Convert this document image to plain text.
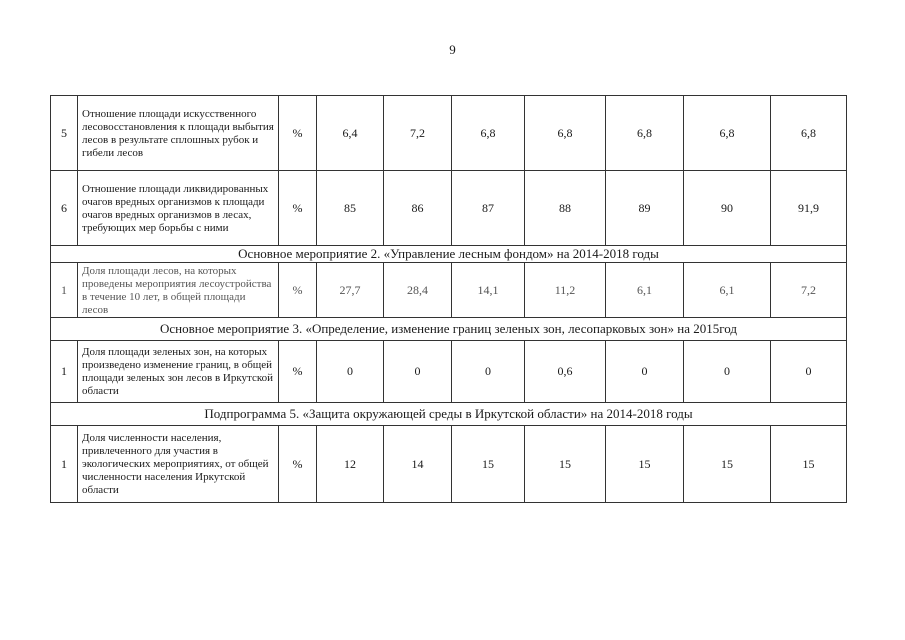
9
5	Отношение площади искусственного лесовосстановления к площади выбытия лесов в результате сплошных рубок и гибели лесов	%	6,4	7,2	6,8	6,8	6,8	6,8	6,8
6	Отношение площади ликвидированных очагов вредных организмов к площади очагов вредных организмов в лесах, требующих мер борьбы с ними	%	85	86	87	88	89	90	91,9
Основное мероприятие 2. «Управление лесным фондом» на 2014-2018 годы									
1	Доля площади лесов, на которых проведены мероприятия лесоустройства в течение 10 лет, в общей площади лесов	%	27,7	28,4	14,1	11,2	6,1	6,1	7,2
Основное мероприятие 3. «Определение, изменение границ зеленых зон, лесопарковых зон» на 2015год									
1	Доля площади зеленых зон, на которых произведено изменение границ, в общей площади зеленых зон лесов в Иркутской области	%	0	0	0	0,6	0	0	0
Подпрограмма 5. «Защита окружающей среды в Иркутской области» на 2014-2018 годы									
1	Доля численности населения, привлеченного для участия в экологических мероприятиях, от общей численности населения Иркутской области	%	12	14	15	15	15	15	15
